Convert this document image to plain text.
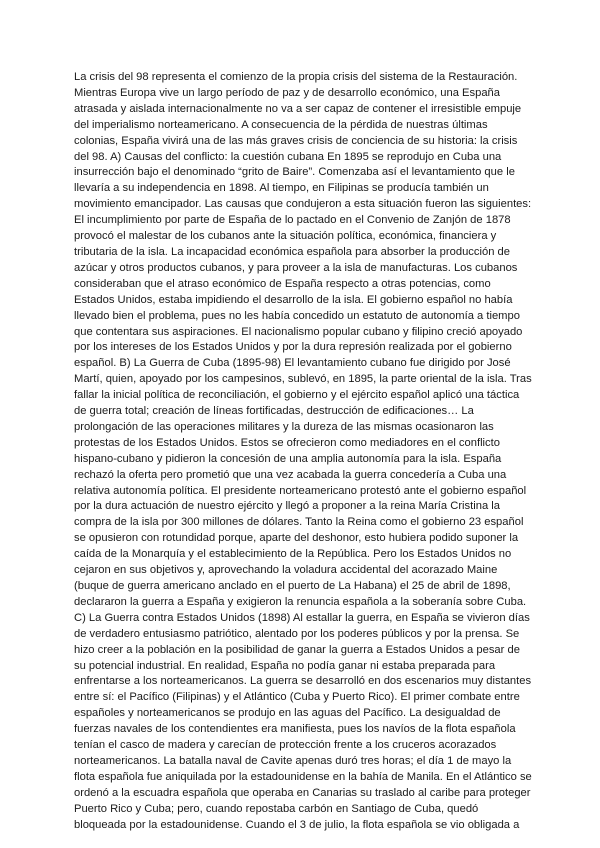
La crisis del 98 representa el comienzo de la propia crisis del sistema de la Restauración.
Mientras Europa vive un largo período de paz y de desarrollo económico, una España
atrasada y aislada internacionalmente no va a ser capaz de contener el irresistible empuje
del imperialismo norteamericano. A consecuencia de la pérdida de nuestras últimas
colonias, España vivirá una de las más graves crisis de conciencia de su historia: la crisis
del 98. A) Causas del conflicto: la cuestión cubana En 1895 se reprodujo en Cuba una
insurrección bajo el denominado “grito de Baire”. Comenzaba así el levantamiento que le
llevaría a su independencia en 1898. Al tiempo, en Filipinas se producía también un
movimiento emancipador. Las causas que condujeron a esta situación fueron las siguientes:
El incumplimiento por parte de España de lo pactado en el Convenio de Zanjón de 1878
provocó el malestar de los cubanos ante la situación política, económica, financiera y
tributaria de la isla. La incapacidad económica española para absorber la producción de
azúcar y otros productos cubanos, y para proveer a la isla de manufacturas. Los cubanos
consideraban que el atraso económico de España respecto a otras potencias, como
Estados Unidos, estaba impidiendo el desarrollo de la isla. El gobierno español no había
llevado bien el problema, pues no les había concedido un estatuto de autonomía a tiempo
que contentara sus aspiraciones. El nacionalismo popular cubano y filipino creció apoyado
por los intereses de los Estados Unidos y por la dura represión realizada por el gobierno
español. B) La Guerra de Cuba (1895-98) El levantamiento cubano fue dirigido por José
Martí, quien, apoyado por los campesinos, sublevó, en 1895, la parte oriental de la isla. Tras
fallar la inicial política de reconciliación, el gobierno y el ejército español aplicó una táctica
de guerra total; creación de líneas fortificadas, destrucción de edificaciones… La
prolongación de las operaciones militares y la dureza de las mismas ocasionaron las
protestas de los Estados Unidos. Estos se ofrecieron como mediadores en el conflicto
hispano-cubano y pidieron la concesión de una amplia autonomía para la isla. España
rechazó la oferta pero prometió que una vez acabada la guerra concedería a Cuba una
relativa autonomía política. El presidente norteamericano protestó ante el gobierno español
por la dura actuación de nuestro ejército y llegó a proponer a la reina María Cristina la
compra de la isla por 300 millones de dólares. Tanto la Reina como el gobierno 23 español
se opusieron con rotundidad porque, aparte del deshonor, esto hubiera podido suponer la
caída de la Monarquía y el establecimiento de la República. Pero los Estados Unidos no
cejaron en sus objetivos y, aprovechando la voladura accidental del acorazado Maine
(buque de guerra americano anclado en el puerto de La Habana) el 25 de abril de 1898,
declararon la guerra a España y exigieron la renuncia española a la soberanía sobre Cuba.
C) La Guerra contra Estados Unidos (1898) Al estallar la guerra, en España se vivieron días
de verdadero entusiasmo patriótico, alentado por los poderes públicos y por la prensa. Se
hizo creer a la población en la posibilidad de ganar la guerra a Estados Unidos a pesar de
su potencial industrial. En realidad, España no podía ganar ni estaba preparada para
enfrentarse a los norteamericanos. La guerra se desarrolló en dos escenarios muy distantes
entre sí: el Pacífico (Filipinas) y el Atlántico (Cuba y Puerto Rico). El primer combate entre
españoles y norteamericanos se produjo en las aguas del Pacífico. La desigualdad de
fuerzas navales de los contendientes era manifiesta, pues los navíos de la flota española
tenían el casco de madera y carecían de protección frente a los cruceros acorazados
norteamericanos. La batalla naval de Cavite apenas duró tres horas; el día 1 de mayo la
flota española fue aniquilada por la estadounidense en la bahía de Manila. En el Atlántico se
ordenó a la escuadra española que operaba en Canarias su traslado al caribe para proteger
Puerto Rico y Cuba; pero, cuando repostaba carbón en Santiago de Cuba, quedó
bloqueada por la estadounidense. Cuando el 3 de julio, la flota española se vio obligada a
